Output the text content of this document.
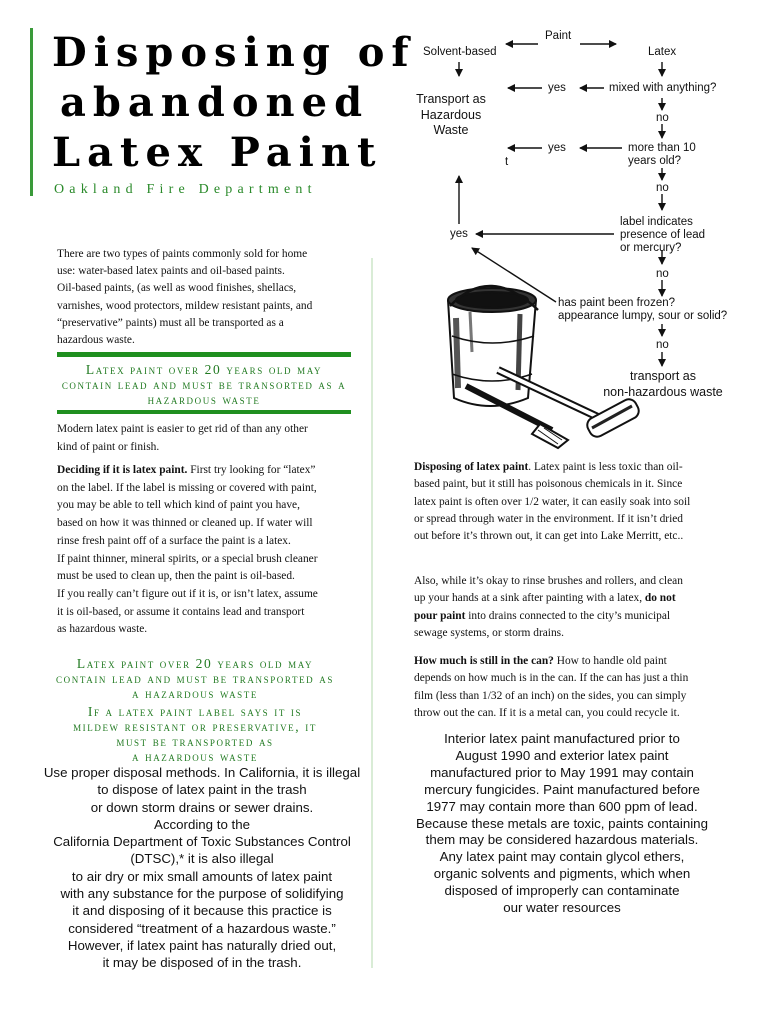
Disposing of
abandoned
Latex Paint
Oakland Fire Department
There are two types of paints commonly sold for home
use: water-based latex paints and oil-based paints.
Oil-based paints, (as well as wood finishes, shellacs,
varnishes, wood protectors, mildew resistant paints, and
“preservative” paints) must all be transported as a
hazardous waste.
Latex paint over 20 years old may
contain lead and must be transorted as a
hazardous waste
Modern latex paint is easier to get rid of than any other
kind of paint or finish.
Deciding if it is latex paint. First try looking for “latex”
on the label. If the label is missing or covered with paint,
you may be able to tell which kind of paint you have,
based on how it was thinned or cleaned up. If water will
rinse fresh paint off of a surface the paint is a latex.
If paint thinner, mineral spirits, or a special brush cleaner
must be used to clean up, then the paint is oil-based.
If you really can’t figure out if it is, or isn’t latex, assume
it is oil-based, or assume it contains lead and transport
as hazardous waste.
Latex paint over 20 years old may
contain lead and must be transported as
a hazardous waste
If a latex paint label says it is
mildew resistant or preservative, it
must be transported as
a hazardous waste
Use proper disposal methods. In California, it is illegal
to dispose of latex paint in the trash
or down storm drains or sewer drains.
According to the
California Department of Toxic Substances Control
(DTSC),* it is also illegal
to air dry or mix small amounts of latex paint
with any substance for the purpose of solidifying
it and disposing of it because this practice is
considered “treatment of a hazardous waste.”
However, if latex paint has naturally dried out,
it may be disposed of in the trash.
Paint
Solvent-based	Latex
Transport as
Hazardous
Waste
yes	mixed with anything?
no
yes
t
more than 10
years old?
no
label indicates
presence of lead
or mercury?
yes
no
has paint been frozen?
appearance lumpy, sour or solid?
no
transport as
non-hazardous waste
Disposing of latex paint. Latex paint is less toxic than oil-
based paint, but it still has poisonous chemicals in it. Since
latex paint is often over 1/2 water, it can easily soak into soil
or spread through water in the environment. If it isn’t dried
out before it’s thrown out, it can get into Lake Merritt, etc..
Also, while it’s okay to rinse brushes and rollers, and clean
up your hands at a sink after painting with a latex, do not
pour paint into drains connected to the city’s municipal
sewage systems, or storm drains.
How much is still in the can? How to handle old paint
depends on how much is in the can. If the can has just a thin
film (less than 1/32 of an inch) on the sides, you can simply
throw out the can. If it is a metal can, you could recycle it.
Interior latex paint manufactured prior to
August 1990 and exterior latex paint
manufactured prior to May 1991 may contain
mercury fungicides. Paint manufactured before
1977 may contain more than 600 ppm of lead.
Because these metals are toxic, paints containing
them may be considered hazardous materials.
Any latex paint may contain glycol ethers,
organic solvents and pigments, which when
disposed of improperly can contaminate
our water resources
